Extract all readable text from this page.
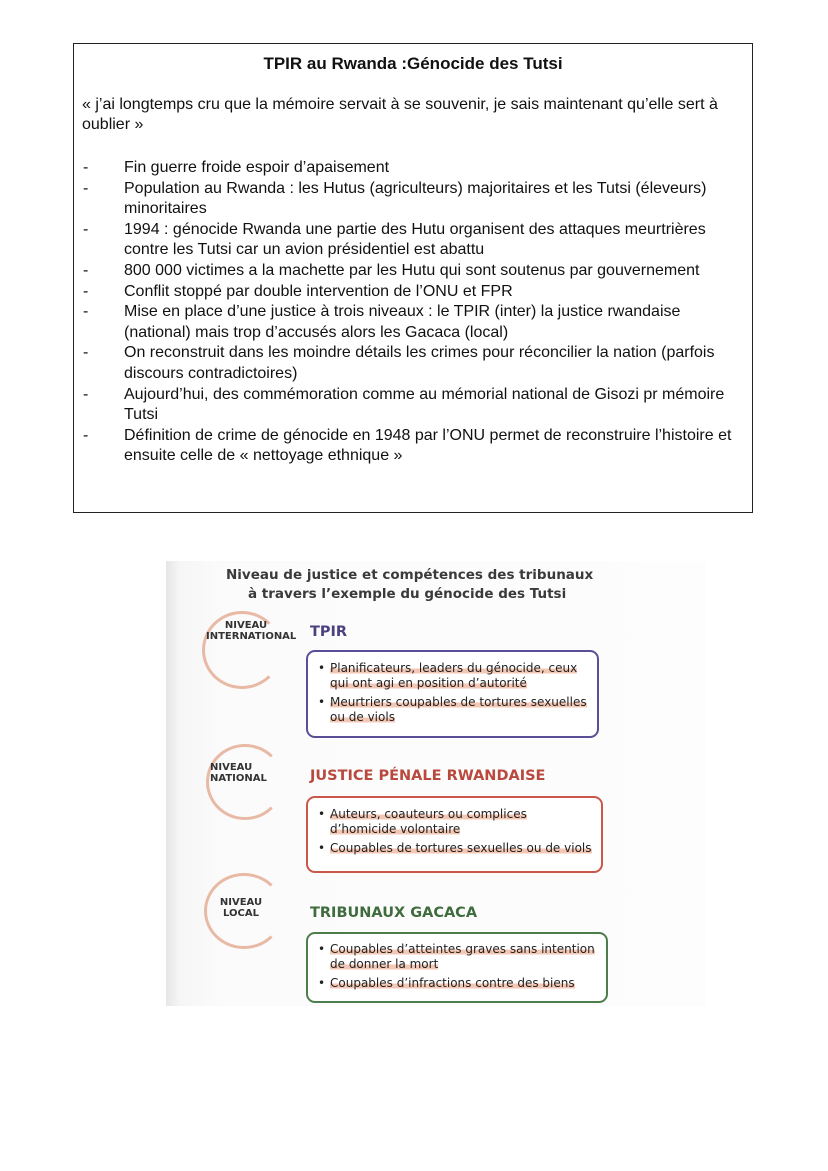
TPIR au Rwanda :Génocide des Tutsi
« j’ai longtemps cru que la mémoire servait à se souvenir, je sais maintenant qu’elle sert à oublier »
- Fin guerre froide espoir d’apaisement
- Population au Rwanda : les Hutus (agriculteurs) majoritaires et les Tutsi (éleveurs) minoritaires
- 1994 : génocide Rwanda une partie des Hutu organisent des attaques meurtrières contre les Tutsi car un avion présidentiel est abattu
- 800 000 victimes a la machette par les Hutu qui sont soutenus par gouvernement
- Conflit stoppé par double intervention de l’ONU et FPR
- Mise en place d’une justice à trois niveaux : le TPIR (inter) la justice rwandaise (national) mais trop d’accusés alors les Gacaca (local)
- On reconstruit dans les moindre détails les crimes pour réconcilier la nation (parfois discours contradictoires)
- Aujourd’hui, des commémoration comme au mémorial national de Gisozi pr mémoire Tutsi
- Définition de crime de génocide en 1948 par l’ONU permet de reconstruire l’histoire et ensuite celle de « nettoyage ethnique »
Niveau de justice et compétences des tribunaux
à travers l’exemple du génocide des Tutsi
NIVEAU
INTERNATIONAL TPIR
• Planificateurs, leaders du génocide, ceux qui ont agi en position d’autorité
• Meurtriers coupables de tortures sexuelles ou de viols
NIVEAU
NATIONAL	JUSTICE PÉNALE RWANDAISE
• Auteurs, coauteurs ou complices d’homicide volontaire
• Coupables de tortures sexuelles ou de viols
NIVEAU
LOCAL	TRIBUNAUX GACACA
• Coupables d’atteintes graves sans intention de donner la mort
• Coupables d’infractions contre des biens
